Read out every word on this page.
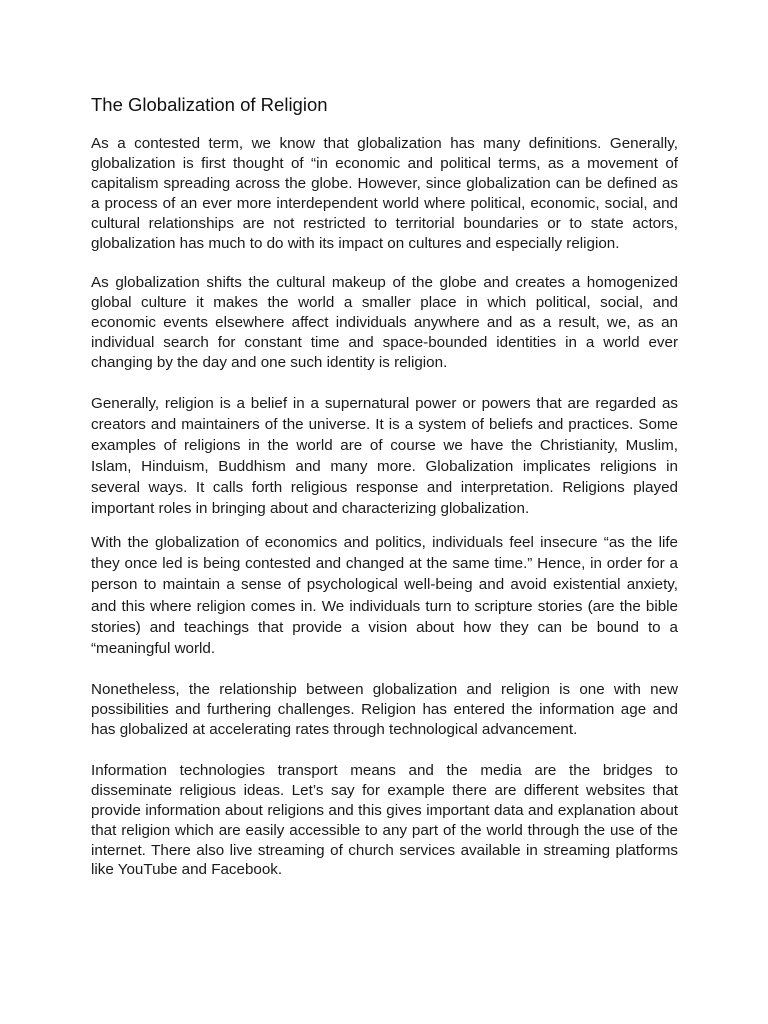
The Globalization of Religion

As a contested term, we know that globalization has many definitions. Generally, globalization is first thought of “in economic and political terms, as a movement of capitalism spreading across the globe. However, since globalization can be defined as a process of an ever more interdependent world where political, economic, social, and cultural relationships are not restricted to territorial boundaries or to state actors, globalization has much to do with its impact on cultures and especially religion.

As globalization shifts the cultural makeup of the globe and creates a homogenized global culture it makes the world a smaller place in which political, social, and economic events elsewhere affect individuals anywhere and as a result, we, as an individual search for constant time and space-bounded identities in a world ever changing by the day and one such identity is religion.

Generally, religion is a belief in a supernatural power or powers that are regarded as creators and maintainers of the universe. It is a system of beliefs and practices. Some examples of religions in the world are of course we have the Christianity, Muslim, Islam, Hinduism, Buddhism and many more. Globalization implicates religions in several ways. It calls forth religious response and interpretation. Religions played important roles in bringing about and characterizing globalization.

With the globalization of economics and politics, individuals feel insecure “as the life they once led is being contested and changed at the same time.” Hence, in order for a person to maintain a sense of psychological well-being and avoid existential anxiety, and this where religion comes in. We individuals turn to scripture stories (are the bible stories) and teachings that provide a vision about how they can be bound to a “meaningful world.

Nonetheless, the relationship between globalization and religion is one with new possibilities and furthering challenges. Religion has entered the information age and has globalized at accelerating rates through technological advancement.

Information technologies transport means and the media are the bridges to disseminate religious ideas. Let’s say for example there are different websites that provide information about religions and this gives important data and explanation about that religion which are easily accessible to any part of the world through the use of the internet. There also live streaming of church services available in streaming platforms like YouTube and Facebook.
